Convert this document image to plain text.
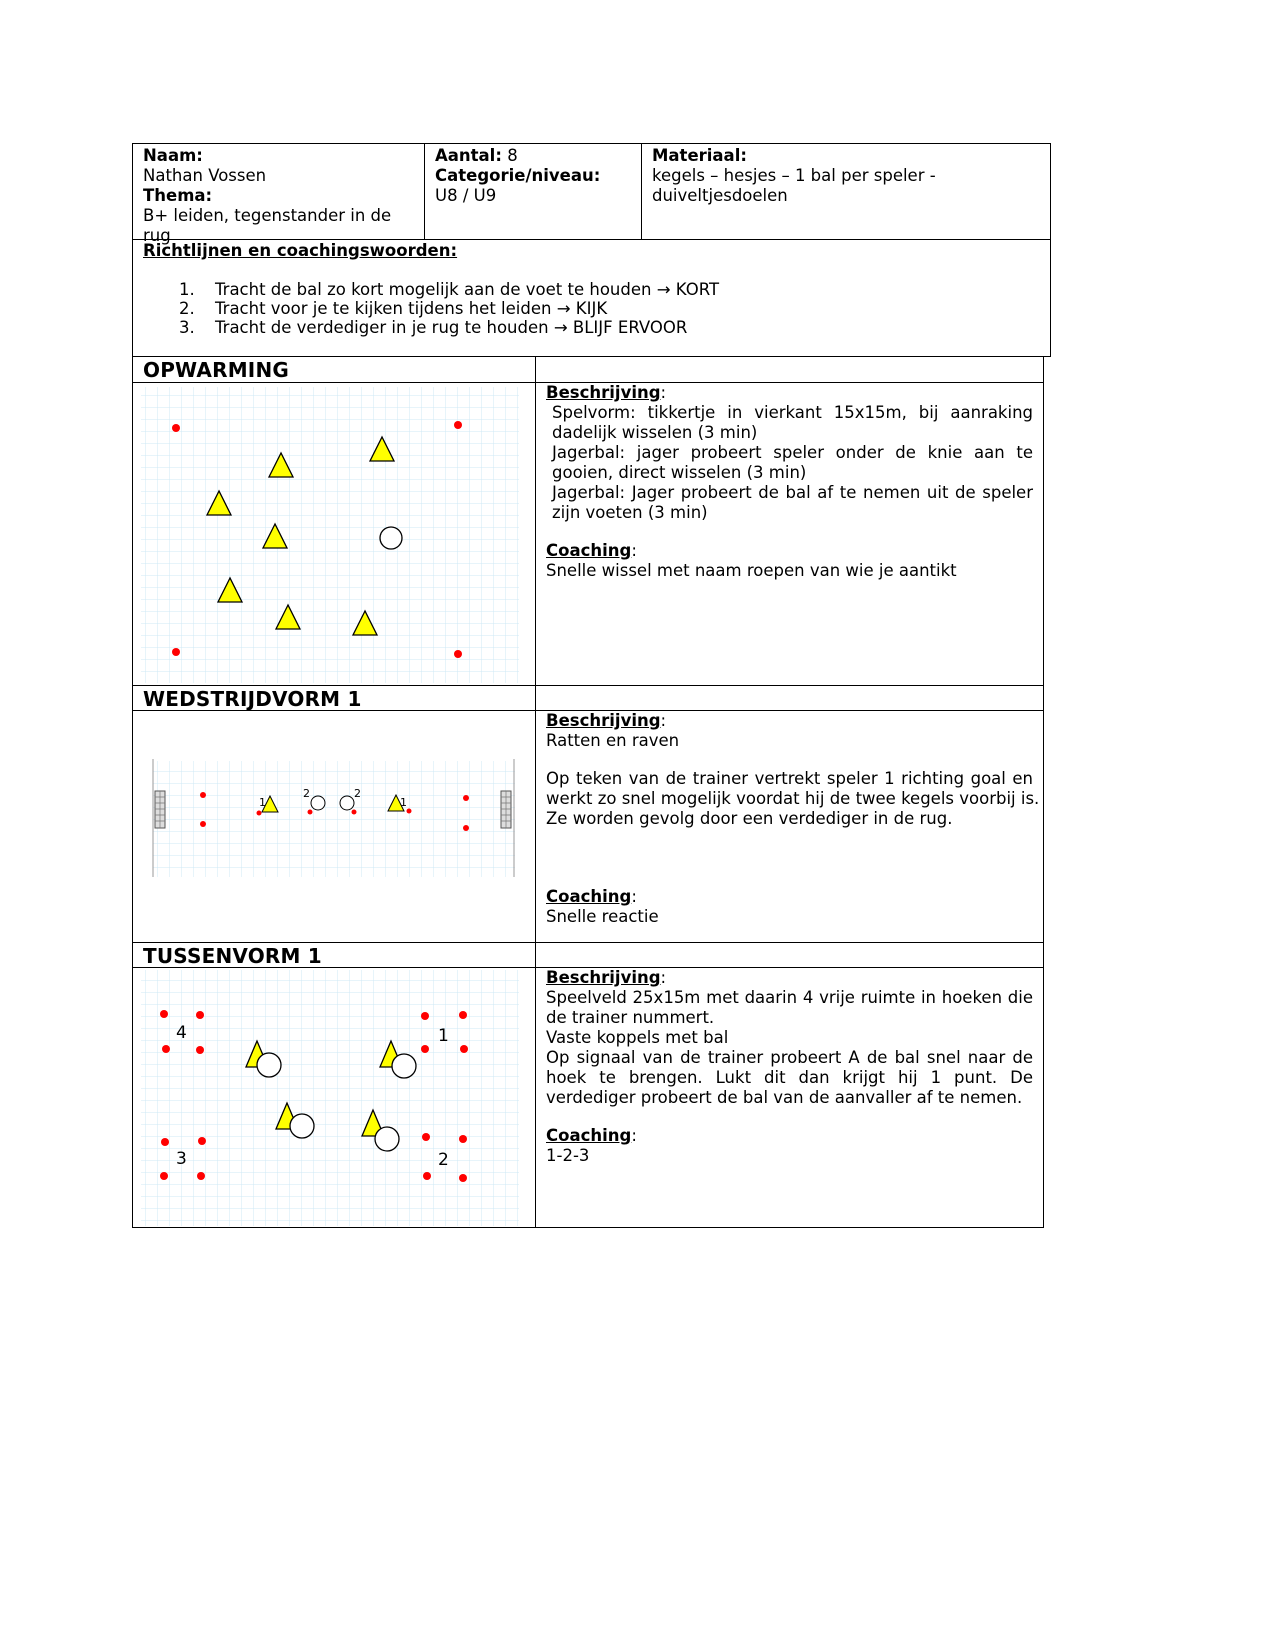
Naam:
Nathan Vossen
Thema:
B+ leiden, tegenstander in de
rug
Aantal: 8
Categorie/niveau:
U8 / U9
Materiaal:
kegels – hesjes – 1 bal per speler -
duiveltjesdoelen
Richtlijnen en coachingswoorden:
1. Tracht de bal zo kort mogelijk aan de voet te houden → KORT
2. Tracht voor je te kijken tijdens het leiden → KIJK
3. Tracht de verdediger in je rug te houden → BLIJF ERVOOR
OPWARMING
Beschrijving:
Spelvorm: tikkertje in vierkant 15x15m, bij aanraking
dadelijk wisselen (3 min)
Jagerbal: jager probeert speler onder de knie aan te
gooien, direct wisselen (3 min)
Jagerbal: Jager probeert de bal af te nemen uit de speler
zijn voeten (3 min)
Coaching:
Snelle wissel met naam roepen van wie je aantikt
WEDSTRIJDVORM 1
1
2	2
1
Beschrijving:
Ratten en raven
Op teken van de trainer vertrekt speler 1 richting goal en
werkt zo snel mogelijk voordat hij de twee kegels voorbij is.
Ze worden gevolg door een verdediger in de rug.
Coaching:
Snelle reactie
TUSSENVORM 1
4	1
3	2
Beschrijving:
Speelveld 25x15m met daarin 4 vrije ruimte in hoeken die
de trainer nummert.
Vaste koppels met bal
Op signaal van de trainer probeert A de bal snel naar de
hoek te brengen. Lukt dit dan krijgt hij 1 punt. De
verdediger probeert de bal van de aanvaller af te nemen.
Coaching:
1-2-3
